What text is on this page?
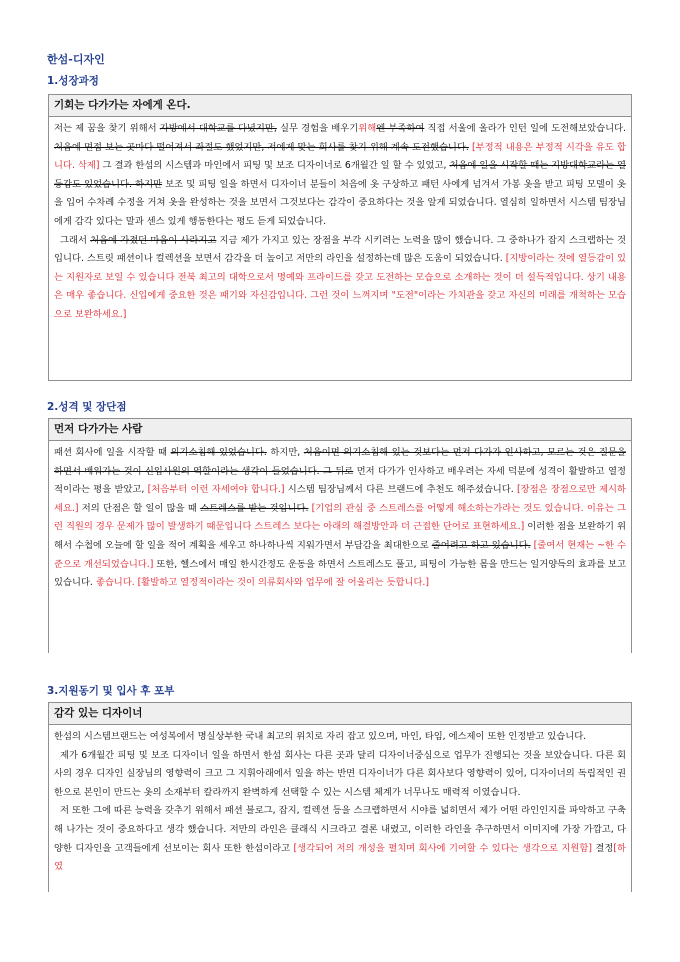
한섬-디자인
1.성장과정
기회는 다가가는 자에게 온다.

저는 제 꿈을 찾기 위해서 자방에서 대학교를 다녔지만, 실무 경험을 배우기위해엔 부족하여 직접 서울에 올라가 인턴 일에 도전해보았습니다. 처음에 면접 보는 곳마다 떨어져서 좌절도 했었지만, 저에게 맞는 회사를 찾기 위해 계속 도전했습니다. [부정적 내용은 부정적 시각을 유도 합니다. 삭제] 그 결과 한섬의 시스템과 마인에서 피팅 및 보조 디자이너로 6개월간 일 할 수 있었고, 처음에 일을 시작할 때는 지방대학교라는 열등감도 있었습니다. 하지만 보조 및 피팅 일을 하면서 디자이너 분들이 처음에 옷 구상하고 패턴 사에게 넘겨서 가봉 옷을 받고 피팅 모델이 옷을 입어 수차례 수정을 거쳐 옷을 완성하는 것을 보면서 그것보다는 감각이 중요하다는 것을 알게 되었습니다. 열심히 일하면서 시스템 팀장님에게 감각 있다는 말과 센스 있게 행동한다는 평도 듣게 되었습니다.

그래서 처음에 가졌던 마음이 사라지고 지금 제가 가지고 있는 장점을 부각 시키려는 노력을 많이 했습니다. 그 중하나가 잡지 스크랩하는 것입니다. 스트릿 패션이나 컬렉션을 보면서 감각을 더 높이고 저만의 라인을 설정하는데 많은 도움이 되었습니다. [지방이라는 것에 열등감이 있는 지원자로 보일 수 있습니다 전북 최고의 대학으로서 명예와 프라이드를 갖고 도전하는 모습으로 소개하는 것이 더 설득적입니다. 상기 내용은 매우 좋습니다. 신입에게 중요한 것은 패기와 자신감입니다. 그런 것이 느껴지며 "도전"이라는 가치관을 갖고 자신의 미래를 개척하는 모습으로 보완하세요.]

2.성격 및 장단점
먼저 다가가는 사람

패션 회사에 일을 시작할 때 의기소침해 있었습니다. 하지만, 처음이면 의기소침해 있는 것보다는 먼저 다가가 인사하고, 모르는 것은 질문을 하면서 배워가는 것이 신입사원의 역할이라는 생각이 들었습니다. 그 뒤로 먼저 다가가 인사하고 배우려는 자세 덕분에 성격이 활발하고 열정적이라는 평을 받았고, [처음부터 이런 자세여야 합니다.] 시스템 팀장님께서 다른 브랜드에 추천도 해주셨습니다. [장점은 장점으로만 제시하세요.] 저의 단점은 할 일이 많을 때 스트레스를 받는 것입니다. [기업의 관심 중 스트레스를 어떻게 해소하는가라는 것도 있습니다. 이유는 그런 직원의 경우 문제가 많이 발생하기 때문입니다 스트레스 보다는 아래의 해결방안과 더 근접한 단어로 표현하세요.] 이러한 점을 보완하기 위해서 수첩에 오늘에 할 일을 적어 계획을 세우고 하나하나씩 지워가면서 부담감을 최대한으로 줄어려고 하고 있습니다. [줄여서 현재는 ~한 수준으로 개선되었습니다.] 또한, 헬스에서 매일 한시간정도 운동을 하면서 스트레스도 풀고, 피팅이 가능한 몸을 만드는 일거양득의 효과를 보고 있습니다. 좋습니다. [활발하고 열정적이라는 것이 의류회사와 업무에 잘 어울리는 듯합니다.]

3.지원동기 및 입사 후 포부
감각 있는 디자이너

한섬의 시스템브랜드는 여성복에서 명실상부한 국내 최고의 위치로 자리 잡고 있으며, 마인, 타임, 에스제이 또한 인정받고 있습니다.

제가 6개월간 피팅 및 보조 디자이너 일을 하면서 한섬 회사는 다른 곳과 달리 디자이너중심으로 업무가 진행되는 것을 보았습니다. 다른 회사의 경우 디자인 실장님의 영향력이 크고 그 지휘아래에서 일을 하는 반면 디자이너가 다른 회사보다 영향력이 있어, 디자이너의 독립적인 권한으로 본인이 만드는 옷의 소재부터 칼라까지 완벽하게 선택할 수 있는 시스템 체계가 너무나도 매력적 이였습니다.

저 또한 그에 따른 능력을 갖추기 위해서 패션 블로그, 잡지, 컬렉션 등을 스크랩하면서 시야를 넓히면서 제가 어떤 라인인지를 파악하고 구축해 나가는 것이 중요하다고 생각 했습니다. 저만의 라인은 클래식 시크라고 결론 내렸고, 이러한 라인을 추구하면서 이미지에 가장 가깝고, 다양한 디자인을 고객들에게 선보이는 회사 또한 한섬이라고 [생각되어 저의 개성을 펼치며 회사에 기여할 수 있다는 생각으로 지원함] 결정[하였
